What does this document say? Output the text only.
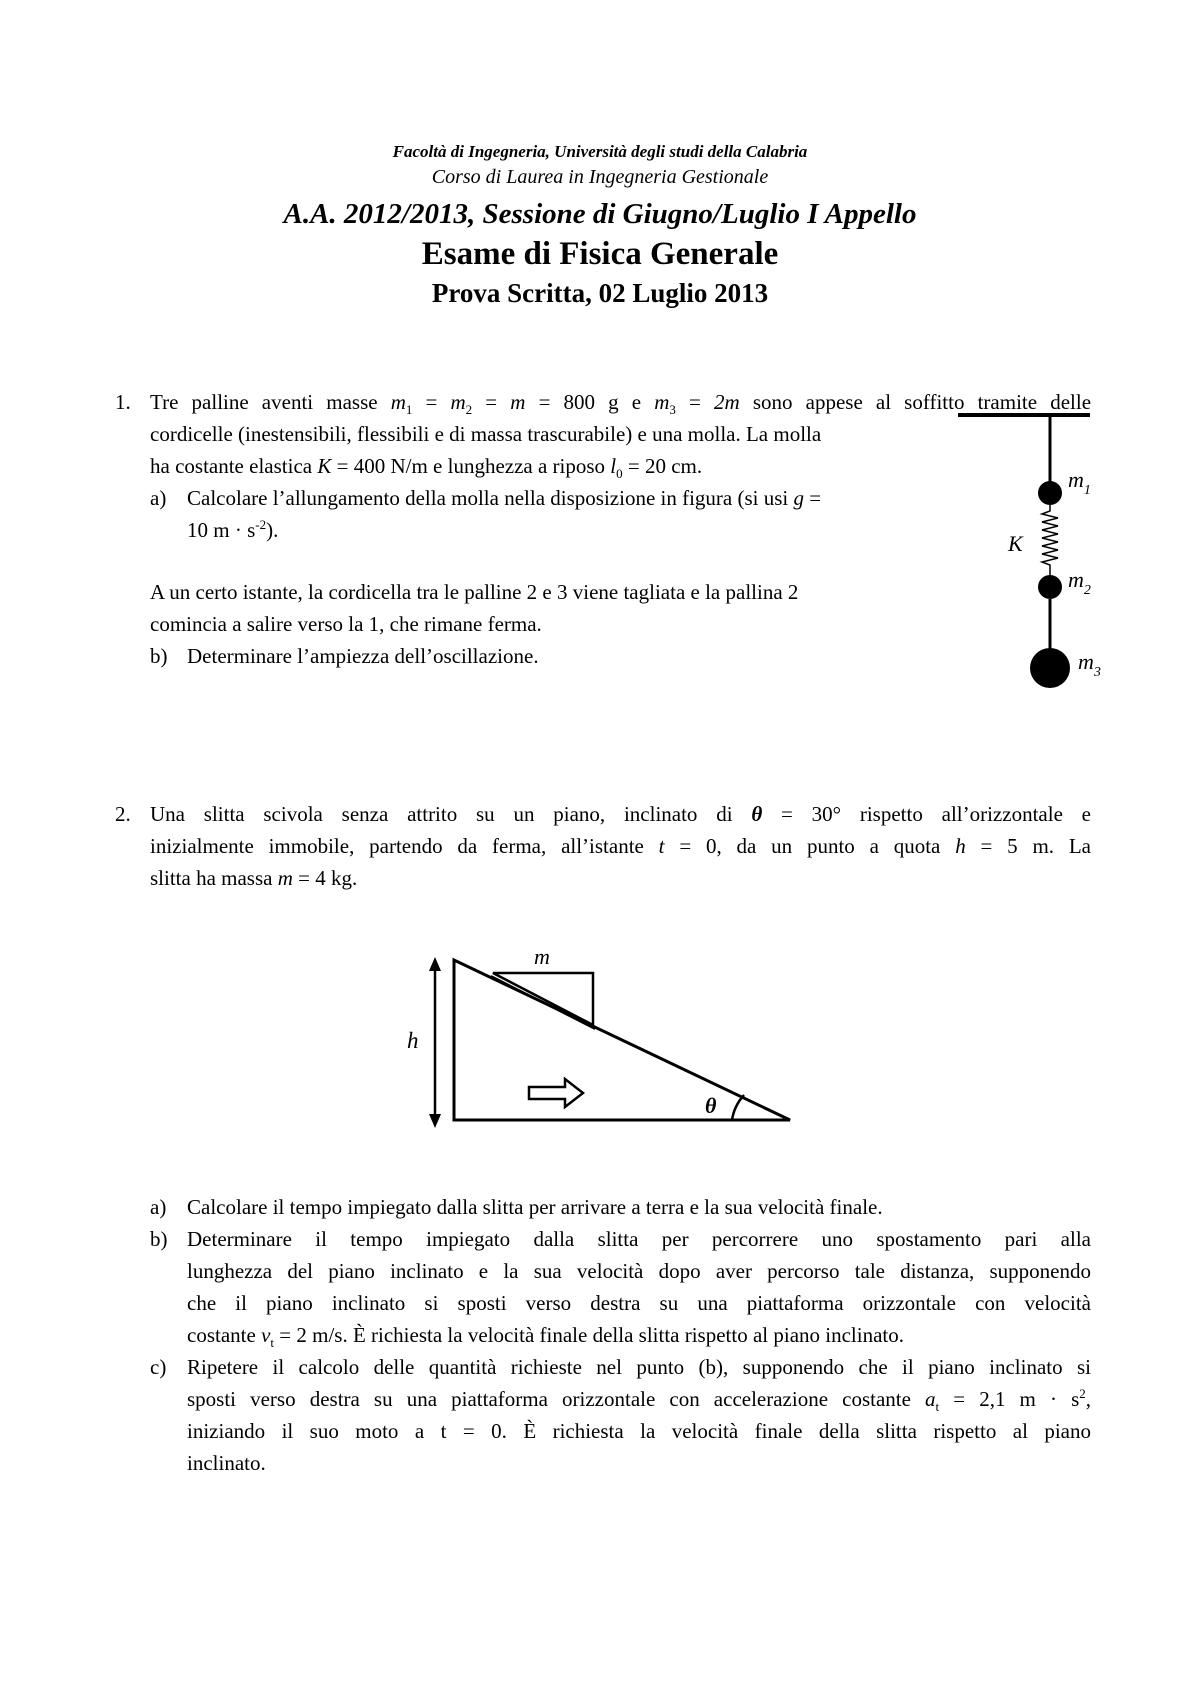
Facoltà di Ingegneria, Università degli studi della Calabria
Corso di Laurea in Ingegneria Gestionale
A.A. 2012/2013, Sessione di Giugno/Luglio I Appello
Esame di Fisica Generale
Prova Scritta, 02 Luglio 2013
1. Tre palline aventi masse $m_1 = m_2 = m = 800$ g e $m_3 = 2m$ sono appese al soffitto tramite delle
cordicelle (inestensibili, flessibili e di massa trascurabile) e una molla. La molla
ha costante elastica K = 400 N/m e lunghezza a riposo $l_0 = 20$ cm.
a) Calcolare l’allungamento della molla nella disposizione in figura (si usi g =
10 $m \cdot s^{-2}$).
A un certo istante, la cordicella tra le palline 2 e 3 viene tagliata e la pallina 2
comincia a salire verso la 1, che rimane ferma.
b) Determinare l’ampiezza dell’oscillazione.
K
$m_1$
$m_2$
$m_3$
2. Una slitta scivola senza attrito su un piano, inclinato di θ = 30° rispetto all’orizzontale e
inizialmente immobile, partendo da ferma, all’istante t = 0, da un punto a quota h = 5 m. La
slitta ha massa m = 4 kg.
h
m
θ
a) Calcolare il tempo impiegato dalla slitta per arrivare a terra e la sua velocità finale.
b) Determinare il tempo impiegato dalla slitta per percorrere uno spostamento pari alla
lunghezza del piano inclinato e la sua velocità dopo aver percorso tale distanza, supponendo
che il piano inclinato si sposti verso destra su una piattaforma orizzontale con velocità
costante $v_t = 2$ m/s. È richiesta la velocità finale della slitta rispetto al piano inclinato.
c) Ripetere il calcolo delle quantità richieste nel punto (b), supponendo che il piano inclinato si
sposti verso destra su una piattaforma orizzontale con accelerazione costante $a_t = 2,1$ $m \cdot s^2$,
iniziando il suo moto a t = 0. È richiesta la velocità finale della slitta rispetto al piano
inclinato.
